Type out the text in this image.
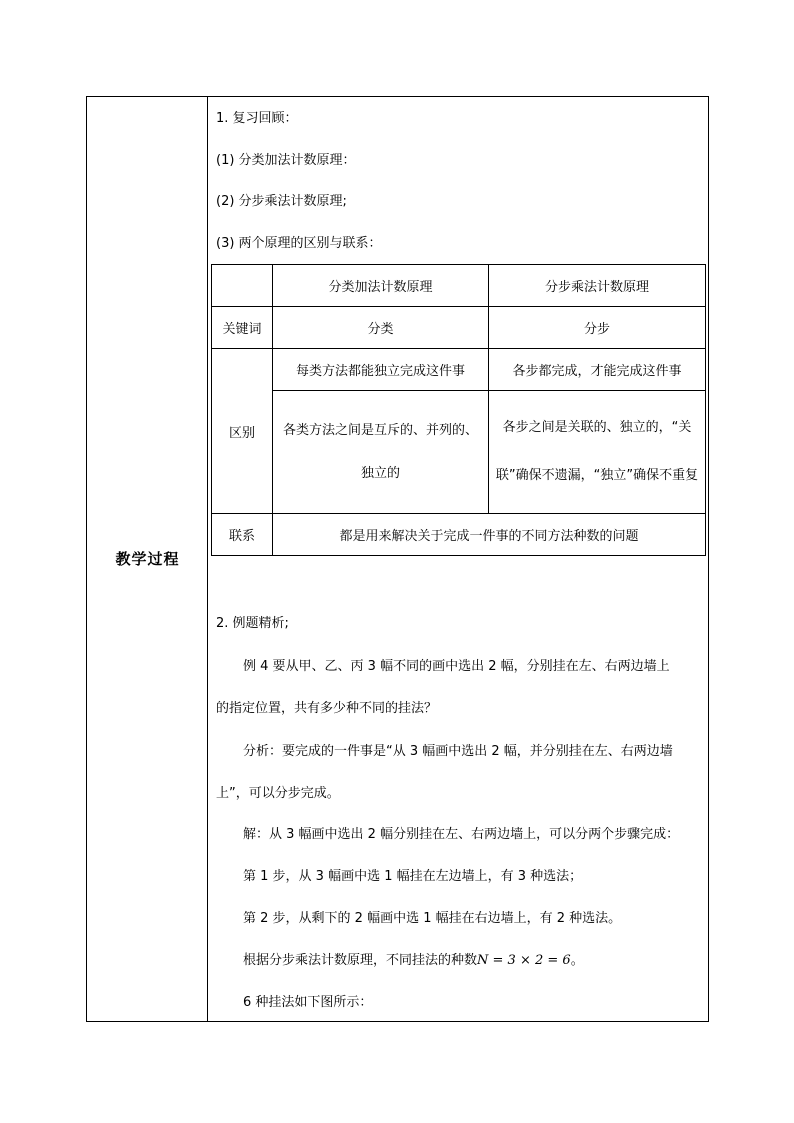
教学过程
1. 复习回顾：
(1) 分类加法计数原理：
(2) 分步乘法计数原理;
(3) 两个原理的区别与联系：
	分类加法计数原理	分步乘法计数原理
关键词	分类	分步
区别	每类方法都能独立完成这件事	各步都完成，才能完成这件事
	各类方法之间是互斥的、并列的、独立的	各步之间是关联的、独立的，“关联”确保不遗漏，“独立”确保不重复
联系	都是用来解决关于完成一件事的不同方法种数的问题	
2. 例题精析;
例 4 要从甲、乙、丙 3 幅不同的画中选出 2 幅，分别挂在左、右两边墙上
的指定位置，共有多少种不同的挂法？
分析：要完成的一件事是“从 3 幅画中选出 2 幅，并分别挂在左、右两边墙
上”，可以分步完成。
解：从 3 幅画中选出 2 幅分别挂在左、右两边墙上，可以分两个步骤完成：
第 1 步，从 3 幅画中选 1 幅挂在左边墙上，有 3 种选法；
第 2 步，从剩下的 2 幅画中选 1 幅挂在右边墙上，有 2 种选法。
根据分步乘法计数原理，不同挂法的种数N = 3 × 2 = 6。
6 种挂法如下图所示：
